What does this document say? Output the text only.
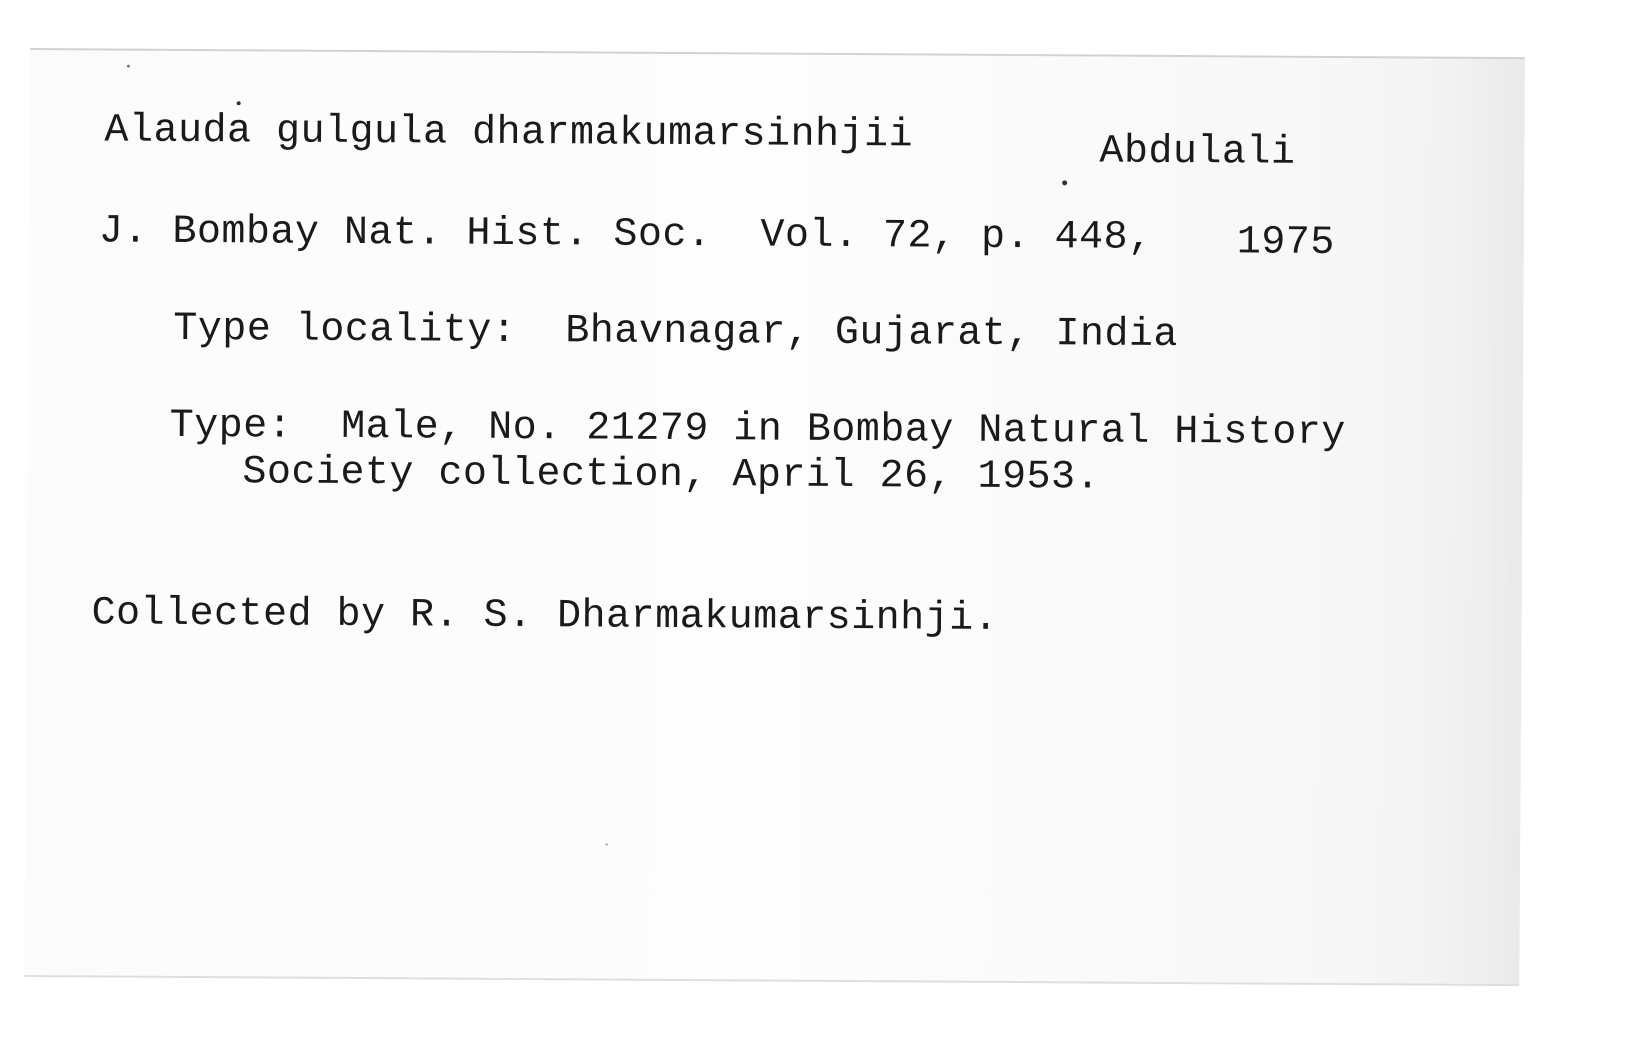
Alauda gulgula dharmakumarsinhjii	Abdulali

J. Bombay Nat. Hist. Soc.  Vol. 72, p. 448, 1975

Type locality:  Bhavnagar, Gujarat, India

Type:  Male, No. 21279 in Bombay Natural History

Society collection, April 26, 1953.

Collected by R. S. Dharmakumarsinhji.
